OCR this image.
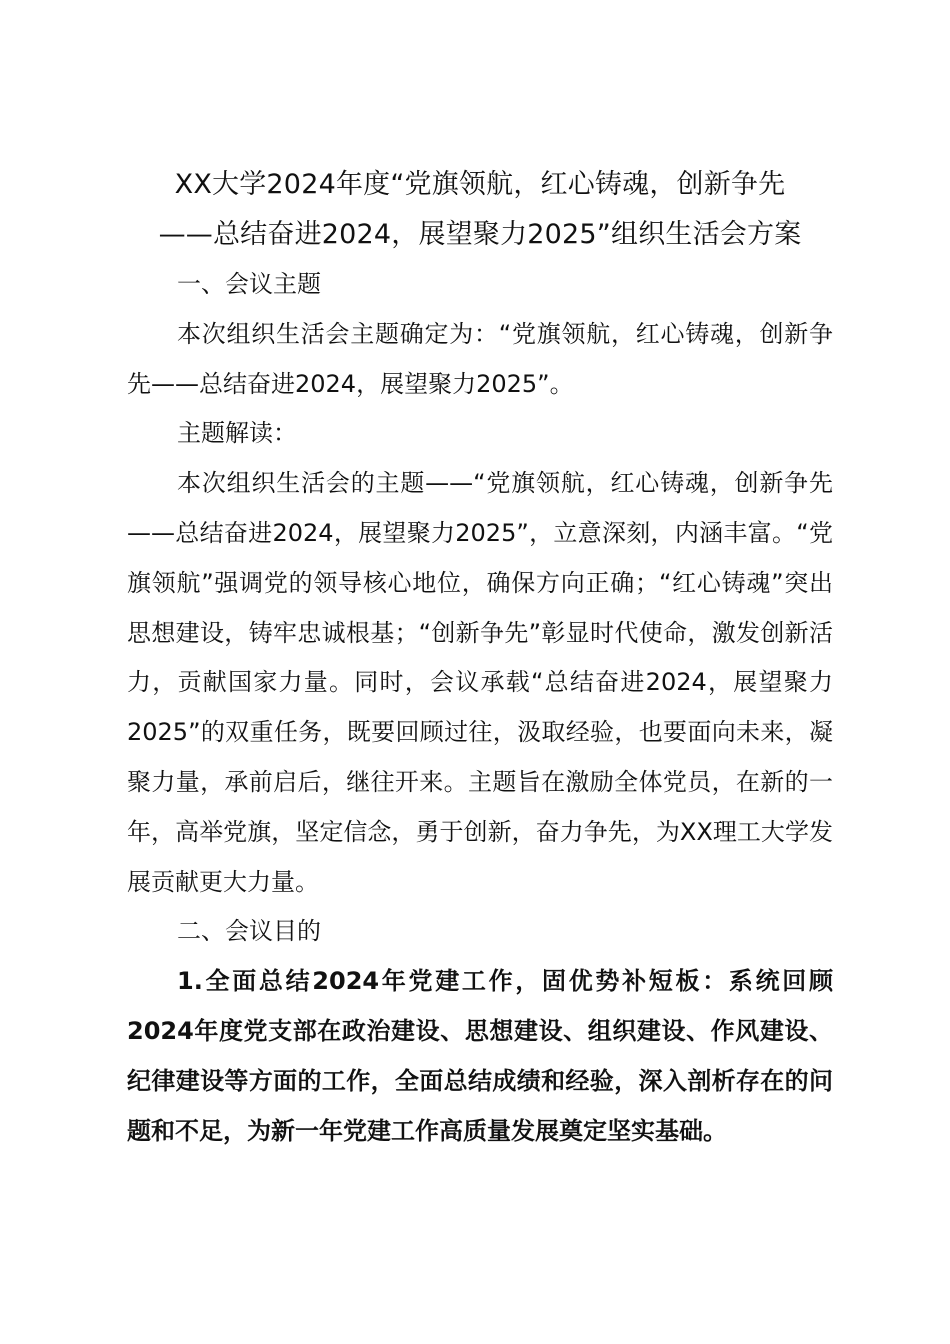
XX大学2024年度“党旗领航，红心铸魂，创新争先
——总结奋进2024，展望聚力2025”组织生活会方案

一、会议主题

本次组织生活会主题确定为：“党旗领航，红心铸魂，创新争先——总结奋进2024，展望聚力2025”。

主题解读：

本次组织生活会的主题——“党旗领航，红心铸魂，创新争先——总结奋进2024，展望聚力2025”，立意深刻，内涵丰富。“党旗领航”强调党的领导核心地位，确保方向正确；“红心铸魂”突出思想建设，铸牢忠诚根基；“创新争先”彰显时代使命，激发创新活力，贡献国家力量。同时，会议承载“总结奋进2024，展望聚力2025”的双重任务，既要回顾过往，汲取经验，也要面向未来，凝聚力量，承前启后，继往开来。主题旨在激励全体党员，在新的一年，高举党旗，坚定信念，勇于创新，奋力争先，为XX理工大学发展贡献更大力量。

二、会议目的

1.全面总结2024年党建工作，固优势补短板：系统回顾2024年度党支部在政治建设、思想建设、组织建设、作风建设、纪律建设等方面的工作，全面总结成绩和经验，深入剖析存在的问题和不足，为新一年党建工作高质量发展奠定坚实基础。
